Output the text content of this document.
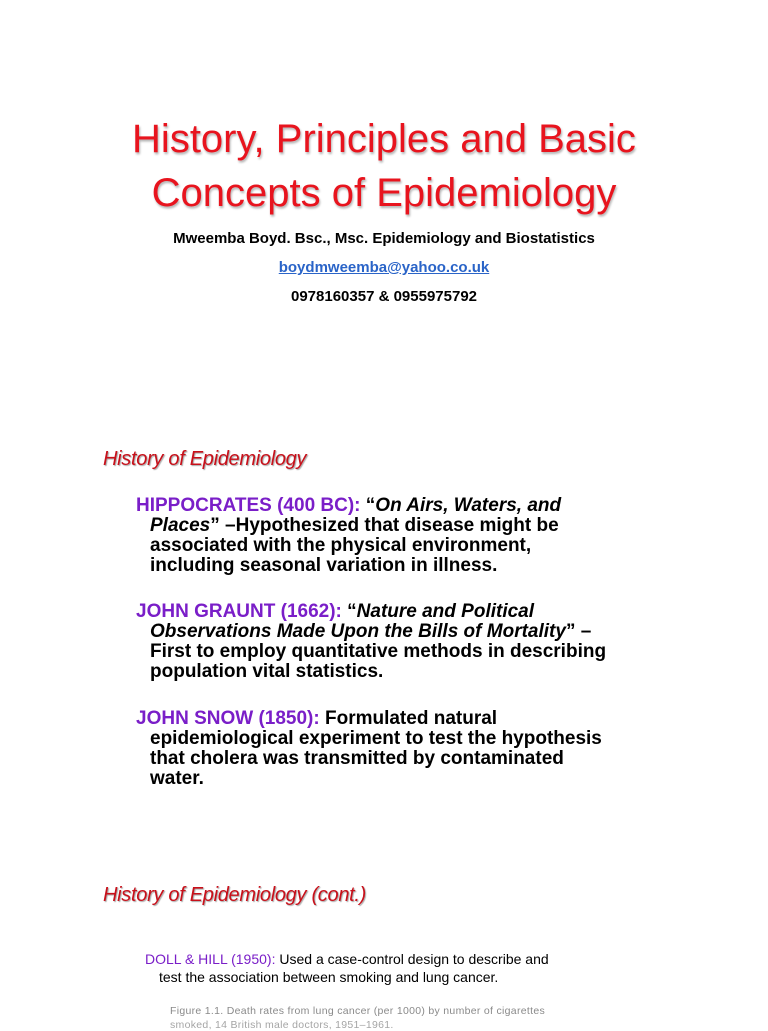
History, Principles and Basic
Concepts of Epidemiology
Mweemba Boyd. Bsc., Msc. Epidemiology and Biostatistics
boydmweemba@yahoo.co.uk
0978160357 & 0955975792
History of Epidemiology

HIPPOCRATES (400 BC): “On Airs, Waters, and
Places” –Hypothesized that disease might be
associated with the physical environment,
including seasonal variation in illness.

JOHN GRAUNT (1662): “Nature and Political
Observations Made Upon the Bills of Mortality” –
First to employ quantitative methods in describing
population vital statistics.

JOHN SNOW (1850): Formulated natural
epidemiological experiment to test the hypothesis
that cholera was transmitted by contaminated
water.

History of Epidemiology (cont.)

DOLL & HILL (1950): Used a case-control design to describe and
test the association between smoking and lung cancer.

Figure 1.1. Death rates from lung cancer (per 1000) by number of cigarettes
smoked, 14 British male doctors, 1951–1961.
